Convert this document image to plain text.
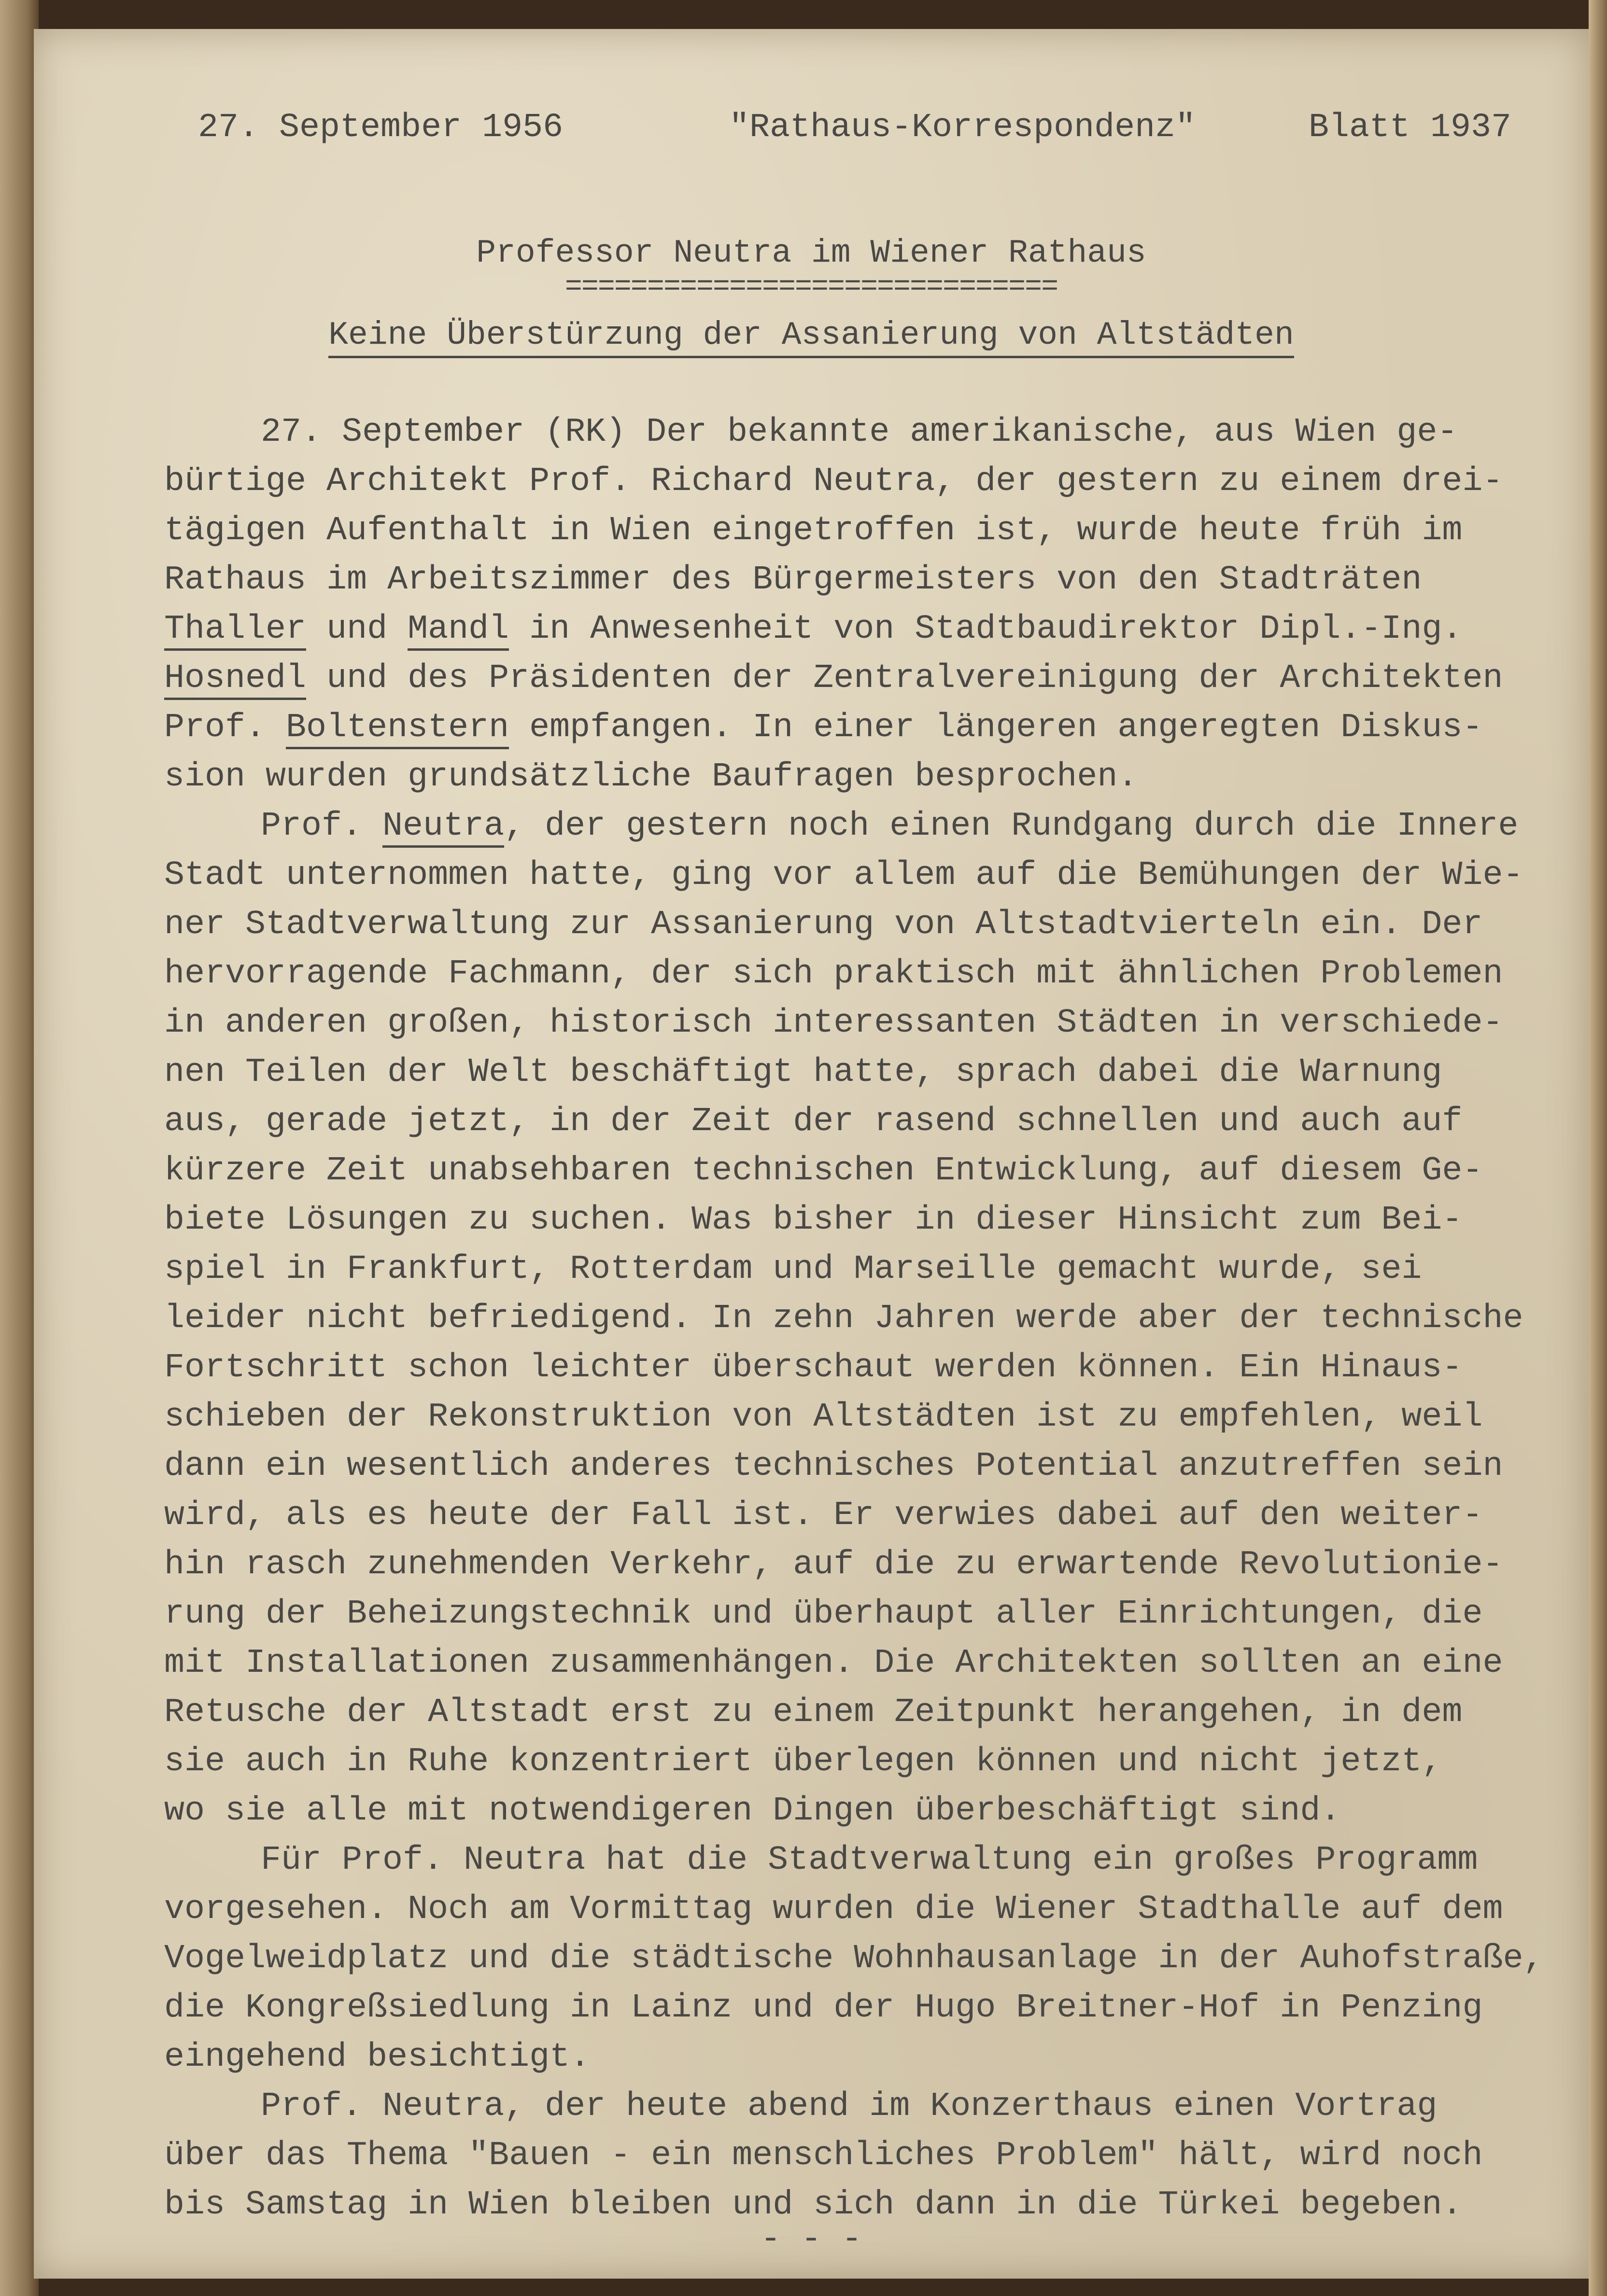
27. September 1956

	"Rathaus-Korrespondenz"

	Blatt 1937

Professor Neutra im Wiener Rathaus
==============================
Keine Überstürzung der Assanierung von Altstädten
27. September (RK) Der bekannte amerikanische, aus Wien ge-
bürtige Architekt Prof. Richard Neutra, der gestern zu einem drei-
tägigen Aufenthalt in Wien eingetroffen ist, wurde heute früh im
Rathaus im Arbeitszimmer des Bürgermeisters von den Stadträten
Thaller und Mandl in Anwesenheit von Stadtbaudirektor Dipl.-Ing.
Hosnedl und des Präsidenten der Zentralvereinigung der Architekten
Prof. Boltenstern empfangen. In einer längeren angeregten Diskus-
sion wurden grundsätzliche Baufragen besprochen.
Prof. Neutra, der gestern noch einen Rundgang durch die Innere
Stadt unternommen hatte, ging vor allem auf die Bemühungen der Wie-
ner Stadtverwaltung zur Assanierung von Altstadtvierteln ein. Der
hervorragende Fachmann, der sich praktisch mit ähnlichen Problemen
in anderen großen, historisch interessanten Städten in verschiede-
nen Teilen der Welt beschäftigt hatte, sprach dabei die Warnung
aus, gerade jetzt, in der Zeit der rasend schnellen und auch auf
kürzere Zeit unabsehbaren technischen Entwicklung, auf diesem Ge-
biete Lösungen zu suchen. Was bisher in dieser Hinsicht zum Bei-
spiel in Frankfurt, Rotterdam und Marseille gemacht wurde, sei
leider nicht befriedigend. In zehn Jahren werde aber der technische
Fortschritt schon leichter überschaut werden können. Ein Hinaus-
schieben der Rekonstruktion von Altstädten ist zu empfehlen, weil
dann ein wesentlich anderes technisches Potential anzutreffen sein
wird, als es heute der Fall ist. Er verwies dabei auf den weiter-
hin rasch zunehmenden Verkehr, auf die zu erwartende Revolutionie-
rung der Beheizungstechnik und überhaupt aller Einrichtungen, die
mit Installationen zusammenhängen. Die Architekten sollten an eine
Retusche der Altstadt erst zu einem Zeitpunkt herangehen, in dem
sie auch in Ruhe konzentriert überlegen können und nicht jetzt,
wo sie alle mit notwendigeren Dingen überbeschäftigt sind.
Für Prof. Neutra hat die Stadtverwaltung ein großes Programm
vorgesehen. Noch am Vormittag wurden die Wiener Stadthalle auf dem
Vogelweidplatz und die städtische Wohnhausanlage in der Auhofstraße,
die Kongreßsiedlung in Lainz und der Hugo Breitner-Hof in Penzing
eingehend besichtigt.
Prof. Neutra, der heute abend im Konzerthaus einen Vortrag
über das Thema "Bauen - ein menschliches Problem" hält, wird noch
bis Samstag in Wien bleiben und sich dann in die Türkei begeben.
- - -
